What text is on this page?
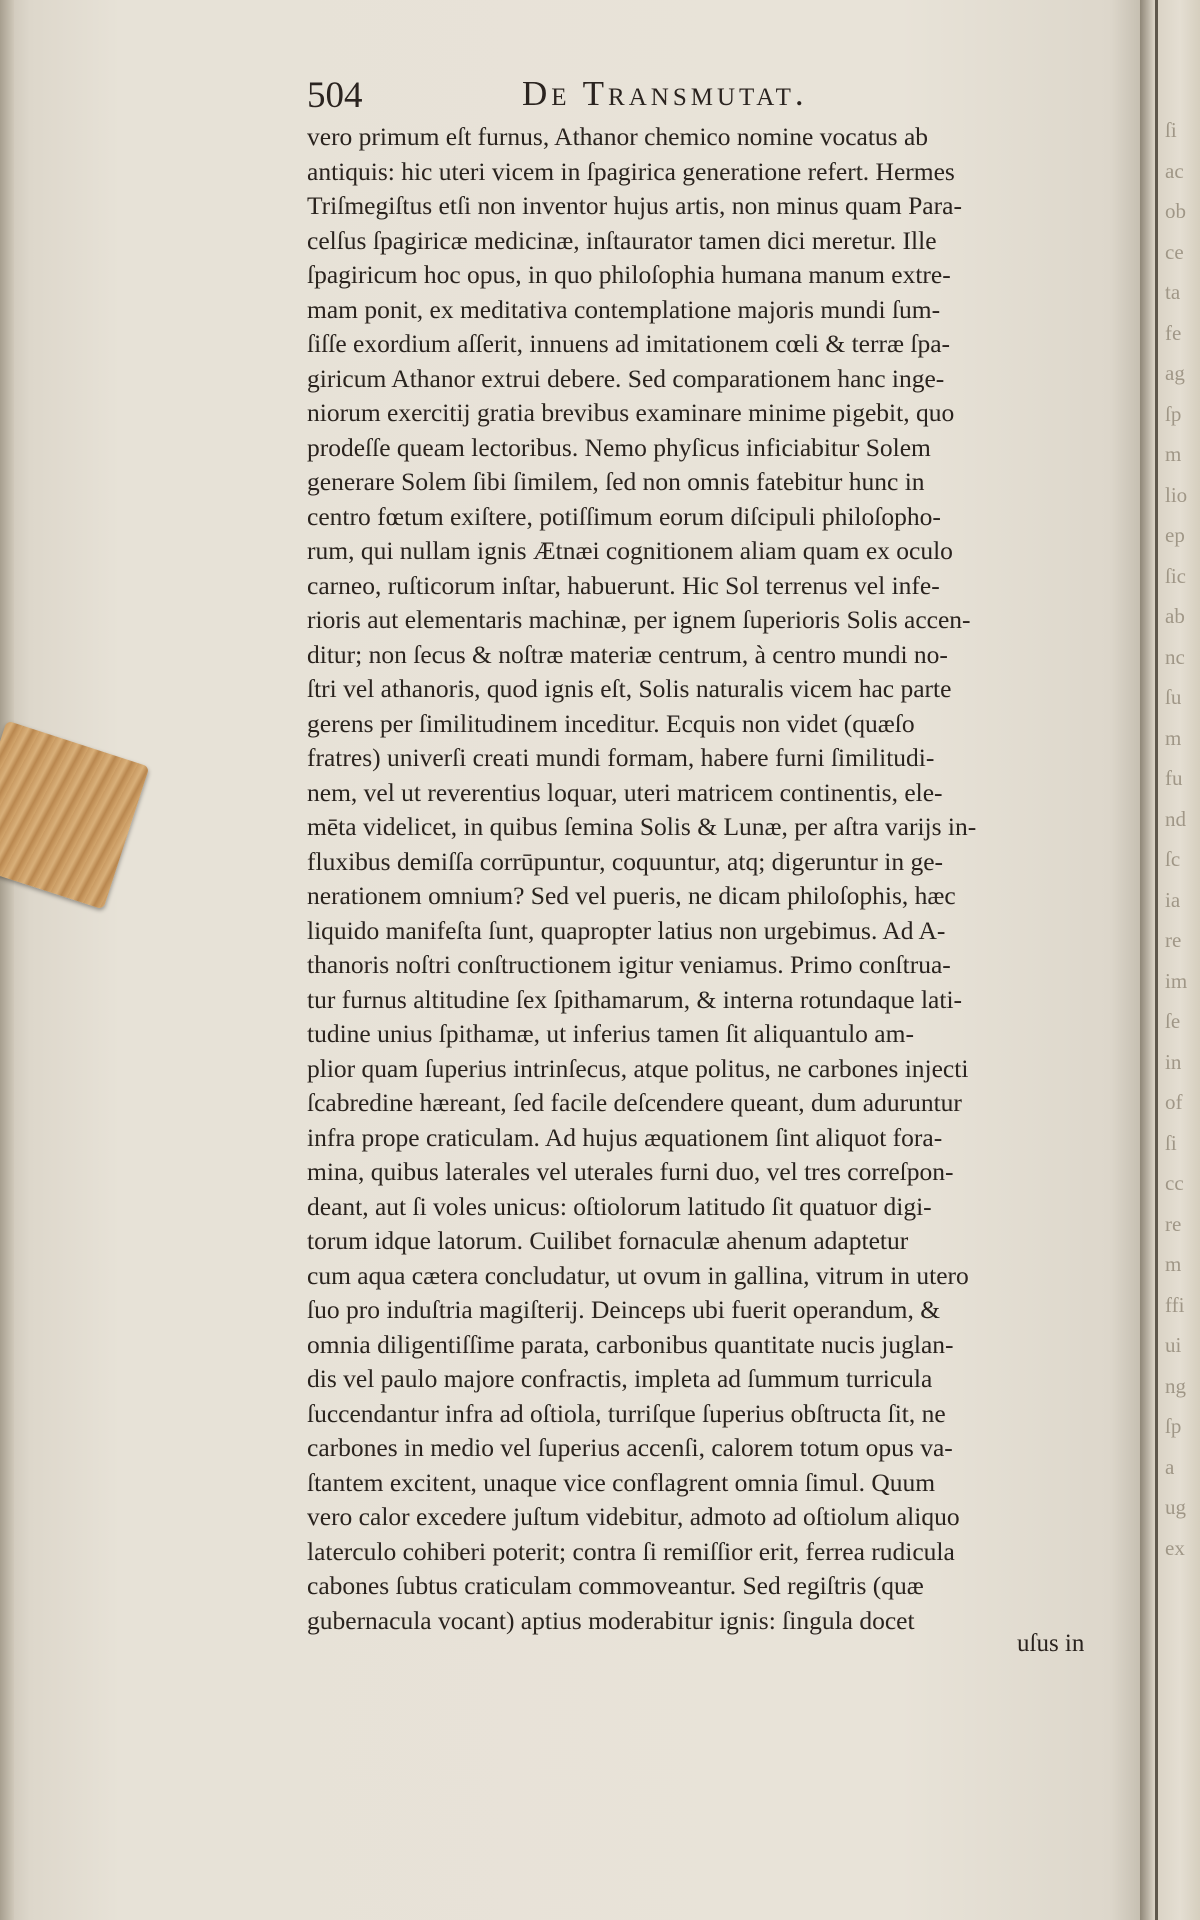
504	De Transmutat.
vero primum eſt furnus, Athanor chemico nomine vocatus ab
antiquis: hic uteri vicem in ſpagirica generatione refert. Hermes
Triſmegiſtus etſi non inventor hujus artis, non minus quam Para-
celſus ſpagiricæ medicinæ, inſtaurator tamen dici meretur. Ille
ſpagiricum hoc opus, in quo philoſophia humana manum extre-
mam ponit, ex meditativa contemplatione majoris mundi ſum-
ſiſſe exordium aſſerit, innuens ad imitationem cœli & terræ ſpa-
giricum Athanor extrui debere. Sed comparationem hanc inge-
niorum exercitij gratia brevibus examinare minime pigebit, quo
prodeſſe queam lectoribus. Nemo phyſicus inficiabitur Solem
generare Solem ſibi ſimilem, ſed non omnis fatebitur hunc in
centro fœtum exiſtere, potiſſimum eorum diſcipuli philoſopho-
rum, qui nullam ignis Ætnæi cognitionem aliam quam ex oculo
carneo, ruſticorum inſtar, habuerunt. Hic Sol terrenus vel infe-
rioris aut elementaris machinæ, per ignem ſuperioris Solis accen-
ditur; non ſecus & noſtræ materiæ centrum, à centro mundi no-
ſtri vel athanoris, quod ignis eſt, Solis naturalis vicem hac parte
gerens per ſimilitudinem inceditur. Ecquis non videt (quæſo
fratres) univerſi creati mundi formam, habere furni ſimilitudi-
nem, vel ut reverentius loquar, uteri matricem continentis, ele-
mēta videlicet, in quibus ſemina Solis & Lunæ, per aſtra varijs in-
fluxibus demiſſa corrūpuntur, coquuntur, atq; digeruntur in ge-
nerationem omnium? Sed vel pueris, ne dicam philoſophis, hæc
liquido manifeſta ſunt, quapropter latius non urgebimus. Ad A-
thanoris noſtri conſtructionem igitur veniamus. Primo conſtrua-
tur furnus altitudine ſex ſpithamarum, & interna rotundaque lati-
tudine unius ſpithamæ, ut inferius tamen ſit aliquantulo am-
plior quam ſuperius intrinſecus, atque politus, ne carbones injecti
ſcabredine hæreant, ſed facile deſcendere queant, dum aduruntur
infra prope craticulam. Ad hujus æquationem ſint aliquot fora-
mina, quibus laterales vel uterales furni duo, vel tres correſpon-
deant, aut ſi voles unicus: oſtiolorum latitudo ſit quatuor digi-
torum idque latorum. Cuilibet fornaculæ ahenum adaptetur
cum aqua cætera concludatur, ut ovum in gallina, vitrum in utero
ſuo pro induſtria magiſterij. Deinceps ubi fuerit operandum, &
omnia diligentiſſime parata, carbonibus quantitate nucis juglan-
dis vel paulo majore confractis, impleta ad ſummum turricula
ſuccendantur infra ad oſtiola, turriſque ſuperius obſtructa ſit, ne
carbones in medio vel ſuperius accenſi, calorem totum opus va-
ſtantem excitent, unaque vice conflagrent omnia ſimul. Quum
vero calor excedere juſtum videbitur, admoto ad oſtiolum aliquo
laterculo cohiberi poterit; contra ſi remiſſior erit, ferrea rudicula
cabones ſubtus craticulam commoveantur. Sed regiſtris (quæ
gubernacula vocant) aptius moderabitur ignis: ſingula docet
uſus in
ſi
ac
ob
ce
ta
fe
ag
ſp
m
lio
ep
ſic
ab
nc
ſu
m
fu
nd
ſc
ia
re
im
ſe
in
of
ſi
cc
re
m
ffi
ui
ng
ſp
a
ug
ex
